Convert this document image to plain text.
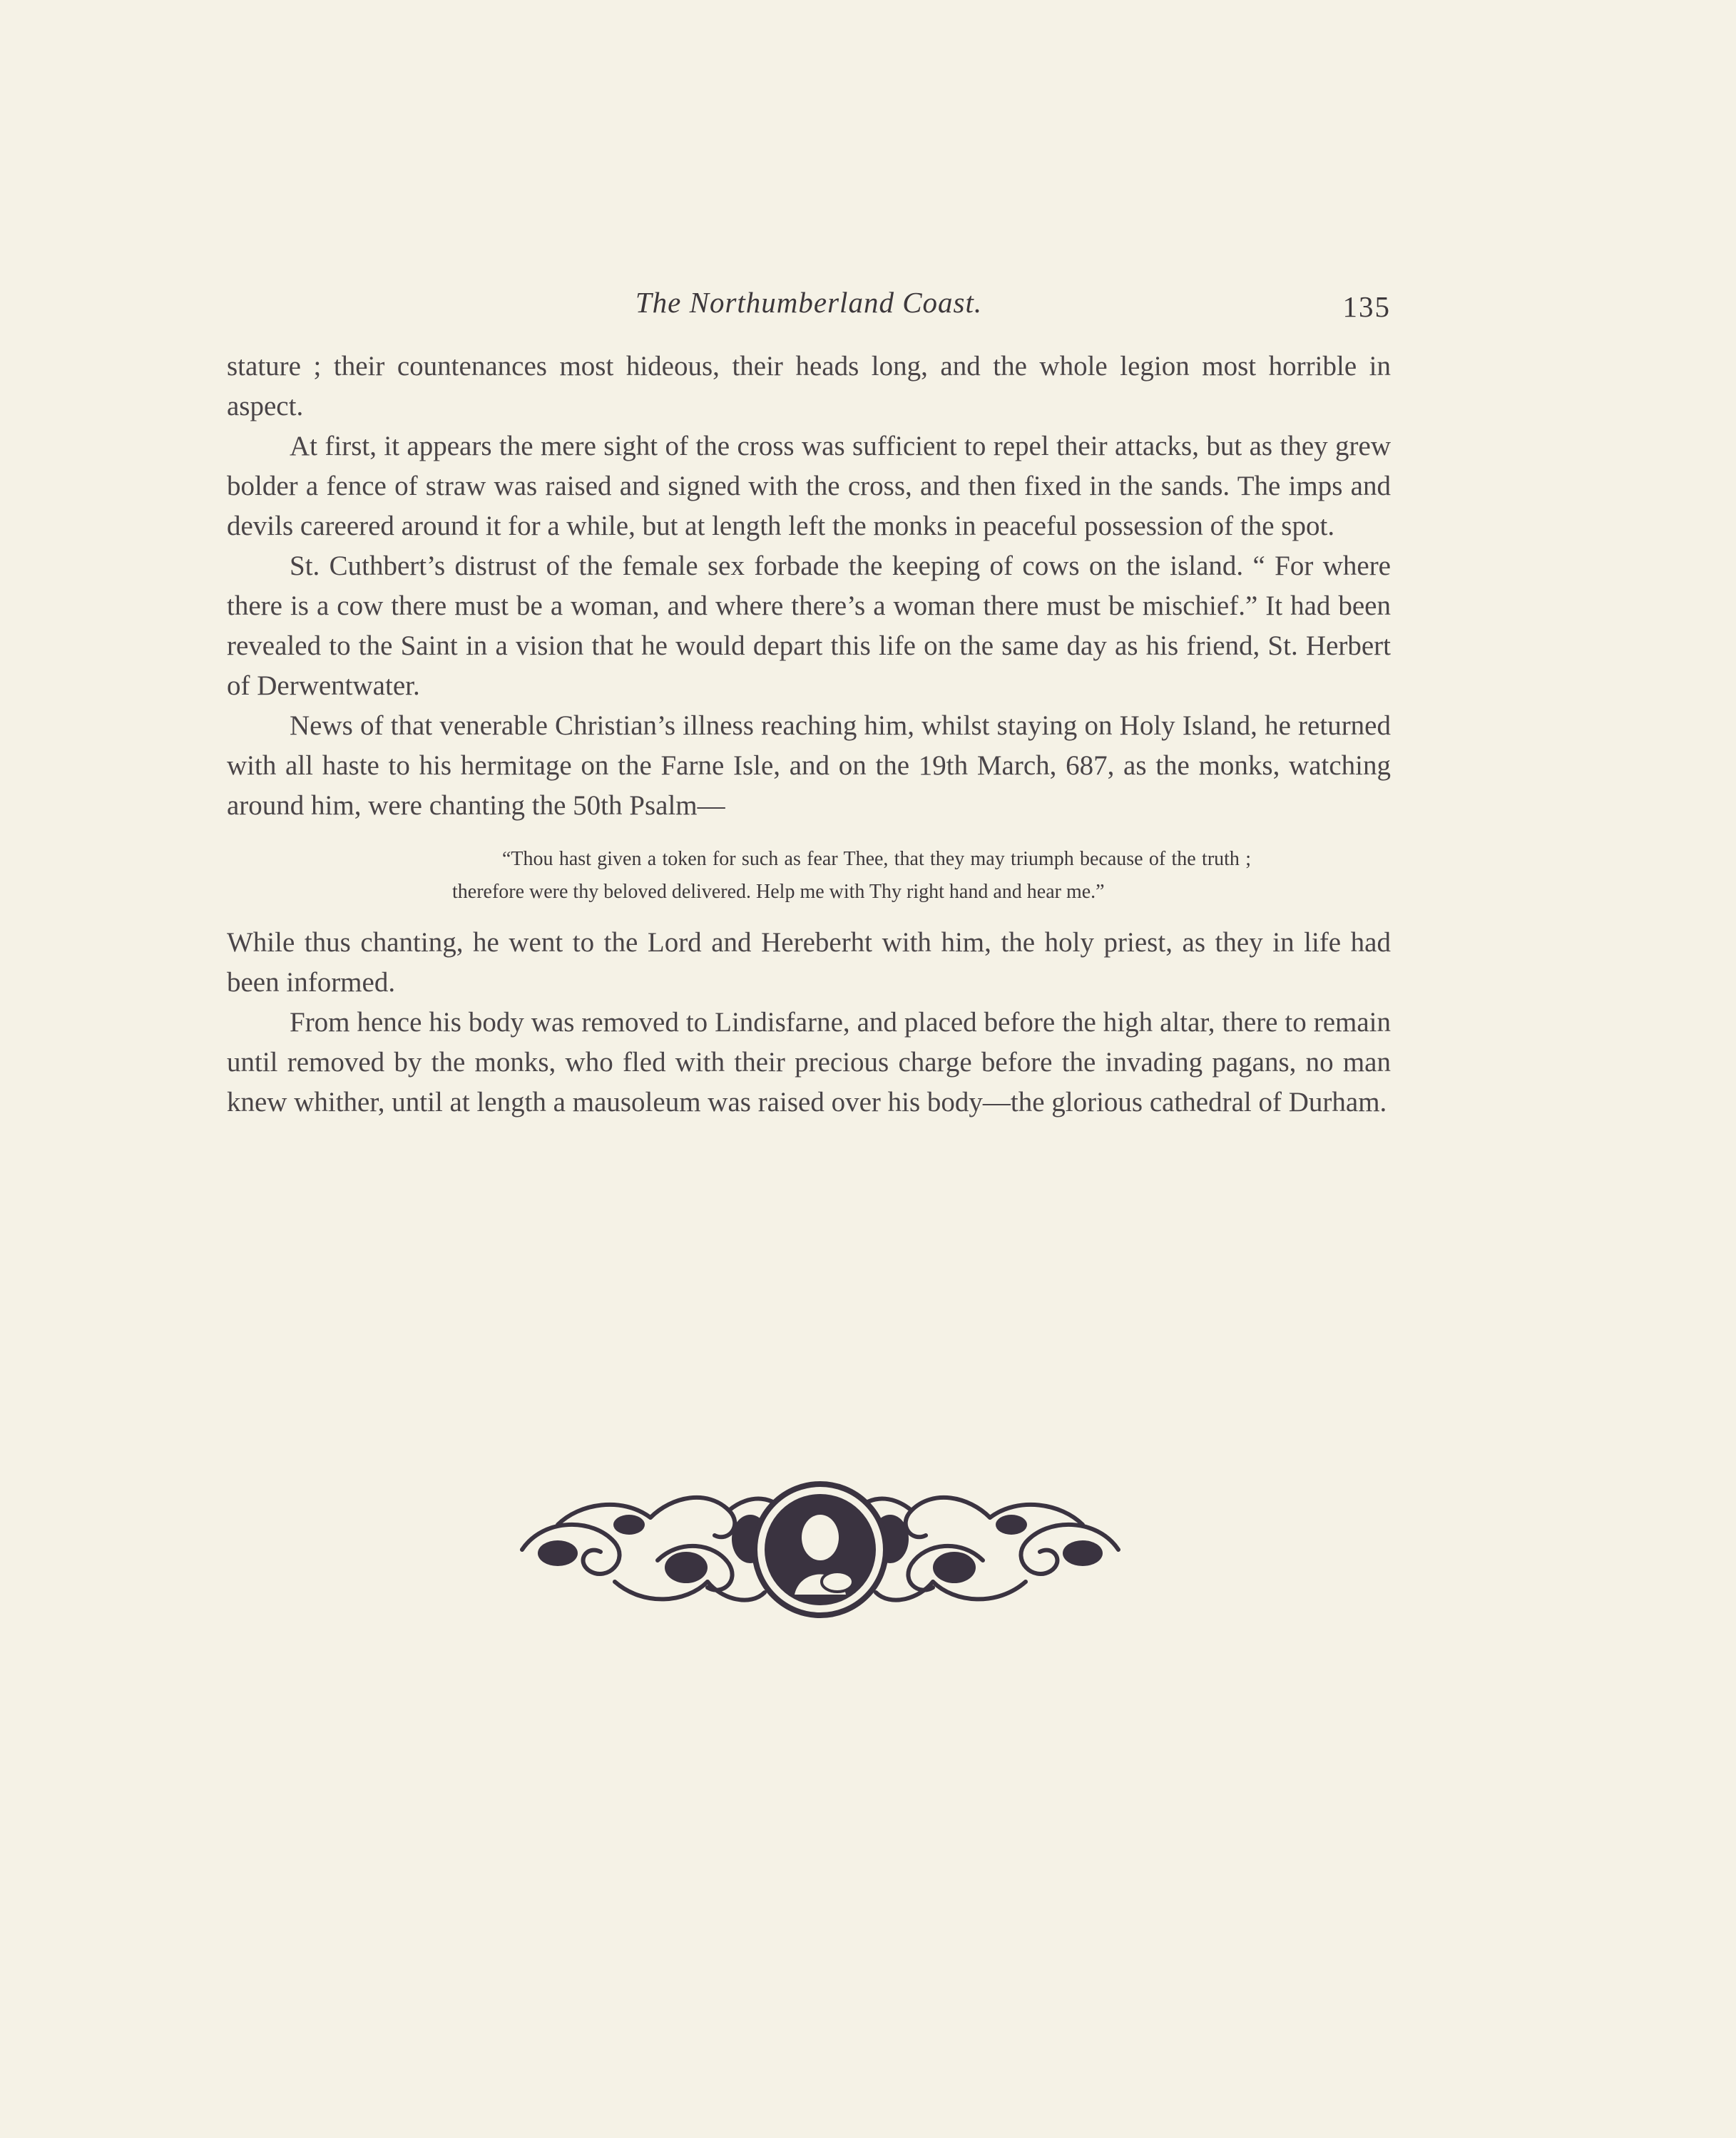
The Northumberland Coast.	135

stature ; their countenances most hideous, their heads long, and the whole legion most horrible in aspect.

At first, it appears the mere sight of the cross was sufficient to repel their attacks, but as they grew bolder a fence of straw was raised and signed with the cross, and then fixed in the sands. The imps and devils careered around it for a while, but at length left the monks in peaceful possession of the spot.

St. Cuthbert’s distrust of the female sex forbade the keeping of cows on the island. “ For where there is a cow there must be a woman, and where there’s a woman there must be mischief.” It had been revealed to the Saint in a vision that he would depart this life on the same day as his friend, St. Herbert of Derwentwater.

News of that venerable Christian’s illness reaching him, whilst staying on Holy Island, he returned with all haste to his hermitage on the Farne Isle, and on the 19th March, 687, as the monks, watching around him, were chanting the 50th Psalm—

“Thou hast given a token for such as fear Thee, that they may triumph because of the truth ; therefore were thy beloved delivered. Help me with Thy right hand and hear me.”

While thus chanting, he went to the Lord and Hereberht with him, the holy priest, as they in life had been informed.

From hence his body was removed to Lindisfarne, and placed before the high altar, there to remain until removed by the monks, who fled with their precious charge before the invading pagans, no man knew whither, until at length a mausoleum was raised over his body—the glorious cathedral of Durham.
